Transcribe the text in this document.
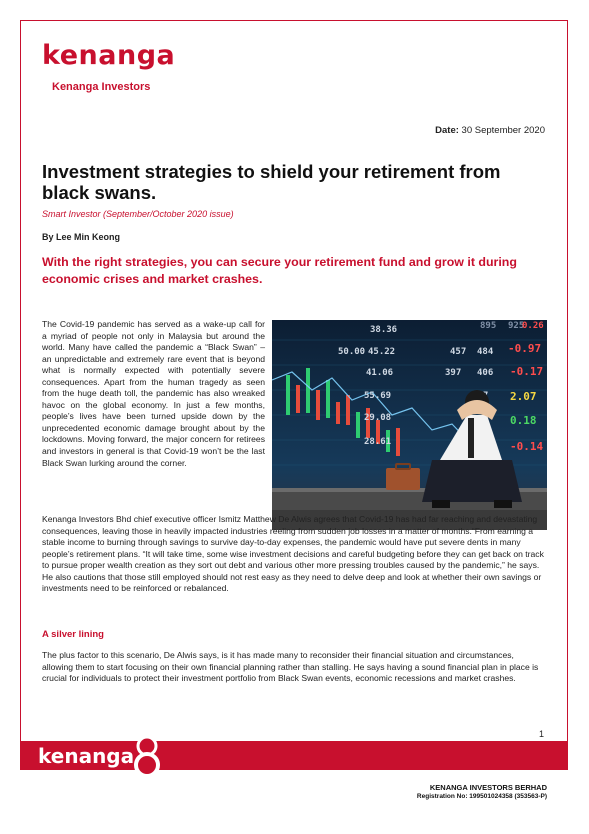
kenanga
Kenanga Investors
Date: 30 September 2020
Investment strategies to shield your retirement from black swans.
Smart Investor (September/October 2020 issue)
By Lee Min Keong

With the right strategies, you can secure your retirement fund and grow it during economic crises and market crashes.

The Covid-19 pandemic has served as a wake-up call for a myriad of people not only in Malaysia but around the world. Many have called the pandemic a “Black Swan” – an unpredictable and extremely rare event that is beyond what is normally expected with potentially severe consequences. Apart from the human tragedy as seen from the huge death toll, the pandemic has also wreaked havoc on the global economy. In just a few months, people’s lives have been turned upside down by the unprecedented economic damage brought about by the lockdowns. Moving forward, the major concern for retirees and investors in general is that Covid-19 won’t be the last Black Swan lurking around the corner.

38.36	895 925
0.26
50.00 45.22	457 484 -0.97
41.06	397 406 -0.17
55.69	2.07
29.08	0.18
28.61	-0.14

Kenanga Investors Bhd chief executive officer Ismitz Matthew De Alwis agrees that Covid-19 has had far reaching and devastating consequences, leaving those in heavily impacted industries reeling from sudden job losses in a matter of months.“From earning a stable income to burning through savings to survive day-to-day expenses, the pandemic would have put severe dents in many people’s retirement plans. “It will take time, some wise investment decisions and careful budgeting before they can get back on track to pursue proper wealth creation as they sort out debt and various other more pressing troubles caused by the pandemic,” he says. He also cautions that those still employed should not rest easy as they need to delve deep and look at whether their own savings or investments need to be reinforced or rebalanced.

A silver lining

The plus factor to this scenario, De Alwis says, is it has made many to reconsider their financial situation and circumstances, allowing them to start focusing on their own financial planning rather than stalling. He says having a sound financial plan in place is crucial for individuals to protect their investment portfolio from Black Swan events, economic recessions and market crashes.

1
kenanga
KENANGA INVESTORS BERHAD
Registration No: 199501024358 (353563-P)
